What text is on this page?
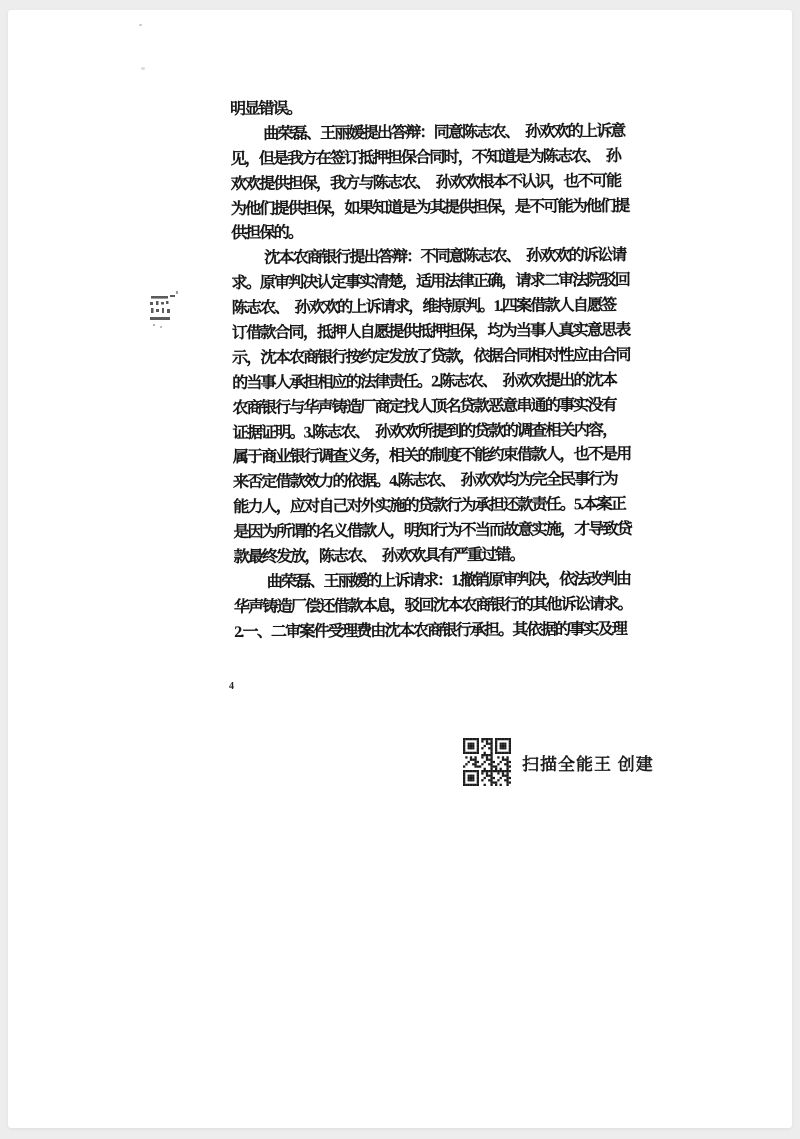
明显错误。
曲荣磊、王丽媛提出答辩：同意陈志农、　孙欢欢的上诉意
见，但是我方在签订抵押担保合同时，不知道是为陈志农、　孙
欢欢提供担保，我方与陈志农、　孙欢欢根本不认识，也不可能
为他们提供担保，如果知道是为其提供担保，是不可能为他们提
供担保的。
沈本农商银行提出答辩：不同意陈志农、　孙欢欢的诉讼请
求。原审判决认定事实清楚，适用法律正确，请求二审法院驳回
陈志农、　孙欢欢的上诉请求，维持原判。1.四案借款人自愿签
订借款合同，抵押人自愿提供抵押担保，均为当事人真实意思表
示，沈本农商银行按约定发放了贷款，依据合同相对性应由合同
的当事人承担相应的法律责任。2.陈志农、　孙欢欢提出的沈本
农商银行与华声铸造厂商定找人顶名贷款恶意串通的事实没有
证据证明。3.陈志农、　孙欢欢所提到的贷款的调查相关内容，
属于商业银行调查义务，相关的制度不能约束借款人，也不是用
来否定借款效力的依据。4.陈志农、　孙欢欢均为完全民事行为
能力人，应对自己对外实施的贷款行为承担还款责任。5.本案正
是因为所谓的名义借款人，明知行为不当而故意实施，才导致贷
款最终发放，陈志农、　孙欢欢具有严重过错。
曲荣磊、王丽媛的上诉请求：1.撤销原审判决，依法改判由
华声铸造厂偿还借款本息，驳回沈本农商银行的其他诉讼请求。
2.一、二审案件受理费由沈本农商银行承担。其依据的事实及理
4
扫描全能王 创建
